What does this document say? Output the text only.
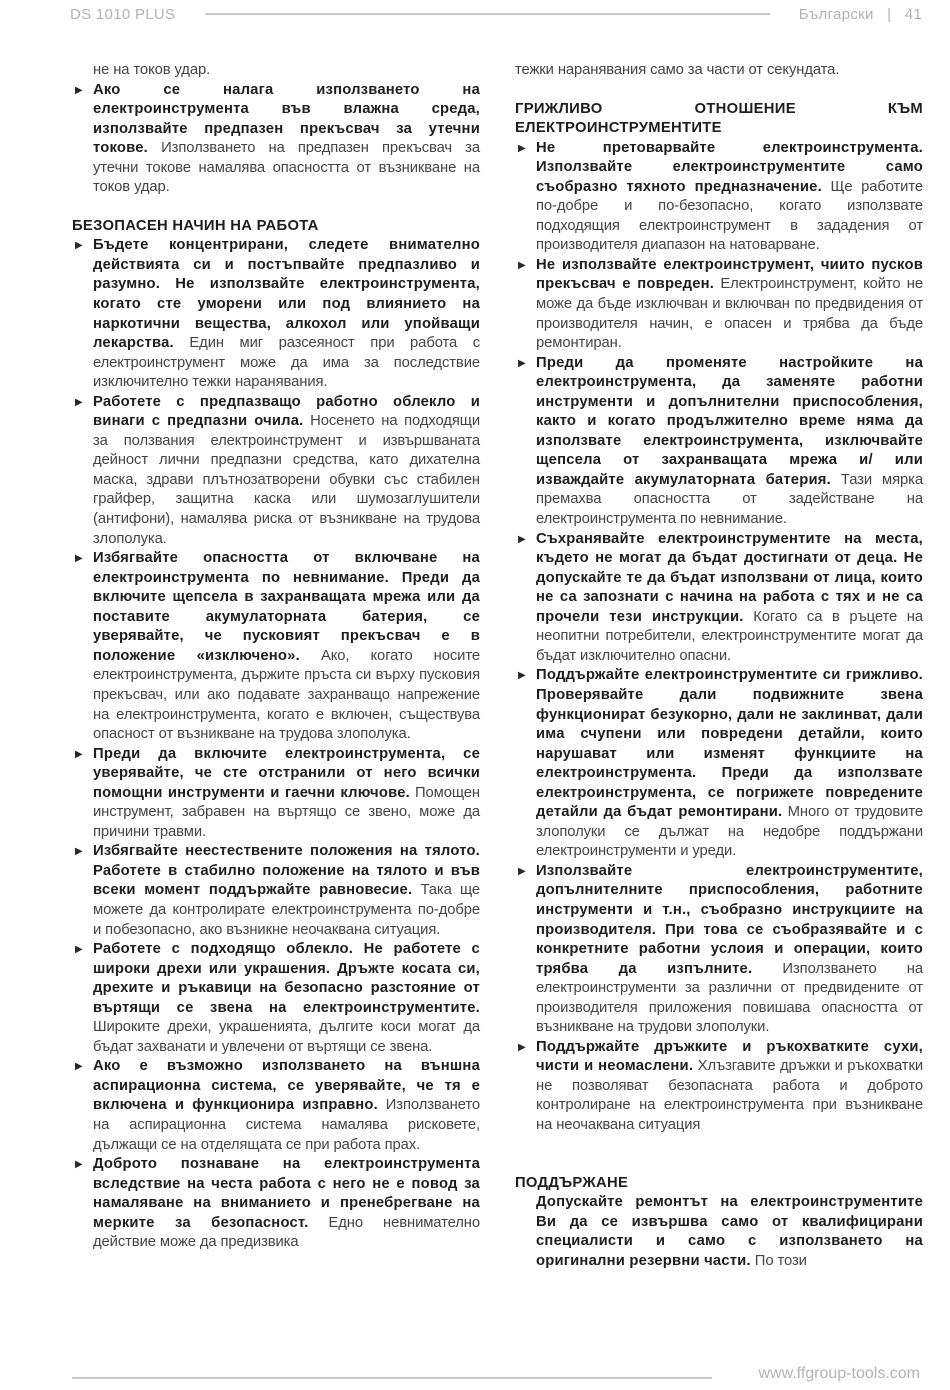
DS 1010 PLUS	Български | 41
не на токов удар.
▶ Ако се налага използването на електроинструмента във влажна среда, използвайте предпазен прекъсвач за утечни токове. Използването на предпазен прекъсвач за утечни токове намалява опасността от възникване на токов удар.
БЕЗОПАСЕН НАЧИН НА РАБОТА
▶ Бъдете концентрирани, следете внимателно действията си и постъпвайте предпазливо и разумно. Не използвайте електроинструмента, когато сте уморени или под влиянието на наркотични вещества, алкохол или упойващи лекарства. Един миг разсеяност при работа с електроинструмент може да има за последствие изключително тежки наранявания.
▶ Работете с предпазващо работно облекло и винаги с предпазни очила. Носенето на подходящи за ползвания електроинструмент и извършваната дейност лични предпазни средства, като дихателна маска, здрави плътнозатворени обувки със стабилен грайфер, защитна каска или шумозаглушители (антифони), намалява риска от възникване на трудова злополука.
▶ Избягвайте опасността от включване на електроинструмента по невнимание. Преди да включите щепсела в захранващата мрежа или да поставите акумулаторната батерия, се уверявайте, че пусковият прекъсвач е в положение «изключено». Ако, когато носите електроинструмента, държите пръста си върху пусковия прекъсвач, или ако подавате захранващо напрежение на електроинструмента, когато е включен, съществува опасност от възникване на трудова злополука.
▶ Преди да включите електроинструмента, се уверявайте, че сте отстранили от него всички помощни инструменти и гаечни ключове. Помощен инструмент, забравен на въртящо се звено, може да причини травми.
▶ Избягвайте неестествените положения на тялото. Работете в стабилно положение на тялото и във всеки момент поддържайте равновесие. Така ще можете да контролирате електроинструмента по-добре и побезопасно, ако възникне неочаквана ситуация.
▶ Работете с подходящо облекло. Не работете с широки дрехи или украшения. Дръжте косата си, дрехите и ръкавици на безопасно разстояние от въртящи се звена на електроинструментите. Широките дрехи, украшенията, дългите коси могат да бъдат захванати и увлечени от въртящи се звена.
▶ Ако е възможно използването на външна аспирационна система, се уверявайте, че тя е включена и функционира изправно. Използването на аспирационна система намалява рисковете, дължащи се на отделящата се при работа прах.
▶ Доброто познаване на електроинструмента вследствие на честа работа с него не е повод за намаляване на вниманието и пренебрегване на мерките за безопасност. Едно невнимателно действие може да предизвика
тежки наранявания само за части от секундата.
ГРИЖЛИВО ОТНОШЕНИЕ КЪМ ЕЛЕКТРОИНСТРУМЕНТИТЕ
▶ Не претоварвайте електроинструмента. Използвайте електроинструментите само съобразно тяхното предназначение. Ще работите по-добре и по-безопасно, когато използвате подходящия електроинструмент в зададения от производителя диапазон на натоварване.
▶ Не използвайте електроинструмент, чиито пусков прекъсвач е повреден. Електроинструмент, който не може да бъде изключван и включван по предвидения от производителя начин, е опасен и трябва да бъде ремонтиран.
▶ Преди да променяте настройките на електроинструмента, да заменяте работни инструменти и допълнителни приспособления, както и когато продължително време няма да използвате електроинструмента, изключвайте щепсела от захранващата мрежа и/ или изваждайте акумулаторната батерия. Тази мярка премахва опасността от задействане на електроинструмента по невнимание.
▶ Съхранявайте електроинструментите на места, където не могат да бъдат достигнати от деца. Не допускайте те да бъдат използвани от лица, които не са запознати с начина на работа с тях и не са прочели тези инструкции. Когато са в ръцете на неопитни потребители, електроинструментите могат да бъдат изключително опасни.
▶ Поддържайте електроинструментите си грижливо. Проверявайте дали подвижните звена функционират безукорно, дали не заклинват, дали има счупени или повредени детайли, които нарушават или изменят функциите на електроинструмента. Преди да използвате електроинструмента, се погрижете повредените детайли да бъдат ремонтирани. Много от трудовите злополуки се дължат на недобре поддържани електроинструменти и уреди.
▶ Използвайте електроинструментите, допълнителните приспособления, работните инструменти и т.н., съобразно инструкциите на производителя. При това се съобразявайте и с конкретните работни услоия и операции, които трябва да изпълните. Използването на електроинструменти за различни от предвидените от производителя приложения повишава опасността от възникване на трудови злополуки.
▶ Поддържайте дръжките и ръкохватките сухи, чисти и неомаслени. Хлъзгавите дръжки и ръкохватки не позволяват безопасната работа и доброто контролиране на електроинструмента при възникване на неочаквана ситуация
ПОДДЪРЖАНЕ
Допускайте ремонтът на електроинструментите Ви да се извършва само от квалифицирани специалисти и само с използването на оригинални резервни части. По този
www.ffgroup-tools.com
